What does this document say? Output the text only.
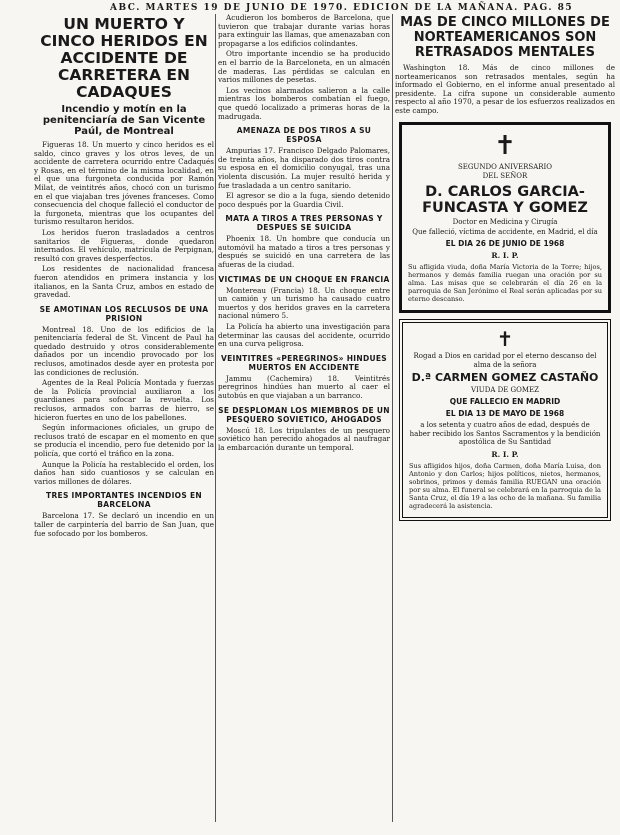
ABC. MARTES 19 DE JUNIO DE 1970. EDICION DE LA MAÑANA. PAG. 85
UN MUERTO Y CINCO HERIDOS EN ACCIDENTE DE CARRETERA EN CADAQUES
Incendio y motín en la penitenciaría de San Vicente Paúl, de Montreal

Figueras 18. Un muerto y cinco heridos es el saldo, cinco graves y los otros leves, de un accidente de carretera ocurrido entre Cadaqués y Rosas, en el término de la misma localidad, en el que una furgoneta conducida por Ramón Milat, de veintitrés años, chocó con un turismo en el que viajaban tres jóvenes franceses. Como consecuencia del choque falleció el conductor de la furgoneta, mientras que los ocupantes del turismo resultaron heridos.

Los heridos fueron trasladados a centros sanitarios de Figueras, donde quedaron internados. El vehículo, matrícula de Perpignan, resultó con graves desperfectos.

Los residentes de nacionalidad francesa fueron atendidos en primera instancia y los italianos, en la Santa Cruz, ambos en estado de gravedad.

SE AMOTINAN LOS RECLUSOS DE UNA PRISION

Montreal 18. Uno de los edificios de la penitenciaría federal de St. Vincent de Paul ha quedado destruido y otros considerablemente dañados por un incendio provocado por los reclusos, amotinados desde ayer en protesta por las condiciones de reclusión.

Agentes de la Real Policía Montada y fuerzas de la Policía provincial auxiliaron a los guardianes para sofocar la revuelta. Los reclusos, armados con barras de hierro, se hicieron fuertes en uno de los pabellones.

Según informaciones oficiales, un grupo de reclusos trató de escapar en el momento en que se producía el incendio, pero fue detenido por la policía, que cortó el tráfico en la zona.

Aunque la Policía ha restablecido el orden, los daños han sido cuantiosos y se calculan en varios millones de dólares.

TRES IMPORTANTES INCENDIOS EN BARCELONA

Barcelona 17. Se declaró un incendio en un taller de carpintería del barrio de San Juan, que fue sofocado por los bomberos.

Acudieron los bomberos de Barcelona, que tuvieron que trabajar durante varias horas para extinguir las llamas, que amenazaban con propagarse a los edificios colindantes.

Otro importante incendio se ha producido en el barrio de la Barceloneta, en un almacén de maderas. Las pérdidas se calculan en varios millones de pesetas.

Los vecinos alarmados salieron a la calle mientras los bomberos combatían el fuego, que quedó localizado a primeras horas de la madrugada.

AMENAZA DE DOS TIROS A SU ESPOSA

Ampurias 17. Francisco Delgado Palomares, de treinta años, ha disparado dos tiros contra su esposa en el domicilio conyugal, tras una violenta discusión. La mujer resultó herida y fue trasladada a un centro sanitario.

El agresor se dio a la fuga, siendo detenido poco después por la Guardia Civil.

MATA A TIROS A TRES PERSONAS Y DESPUES SE SUICIDA

Phoenix 18. Un hombre que conducía un automóvil ha matado a tiros a tres personas y después se suicidó en una carretera de las afueras de la ciudad.

VICTIMAS DE UN CHOQUE EN FRANCIA

Montereau (Francia) 18. Un choque entre un camión y un turismo ha causado cuatro muertos y dos heridos graves en la carretera nacional número 5.

La Policía ha abierto una investigación para determinar las causas del accidente, ocurrido en una curva peligrosa.

VEINTITRES «PEREGRINOS» HINDUES MUERTOS EN ACCIDENTE

Jammu (Cachemira) 18. Veintitrés peregrinos hindúes han muerto al caer el autobús en que viajaban a un barranco.

SE DESPLOMAN LOS MIEMBROS DE UN PESQUERO SOVIETICO, AHOGADOS

Moscú 18. Los tripulantes de un pesquero soviético han perecido ahogados al naufragar la embarcación durante un temporal.

MAS DE CINCO MILLONES DE NORTEAMERICANOS SON RETRASADOS MENTALES

Washington 18. Más de cinco millones de norteamericanos son retrasados mentales, según ha informado el Gobierno, en el informe anual presentado al presidente. La cifra supone un considerable aumento respecto al año 1970, a pesar de los esfuerzos realizados en este campo.

✝
SEGUNDO ANIVERSARIO
DEL SEÑOR
D. CARLOS GARCIA-FUNCASTA Y GOMEZ
Doctor en Medicina y Cirugía
Que falleció, víctima de accidente, en Madrid, el día
EL DIA 26 DE JUNIO DE 1968
R. I. P.
Su afligida viuda, doña María Victoria de la Torre; hijos, hermanos y demás familia ruegan una oración por su alma. Las misas que se celebrarán el día 26 en la parroquia de San Jerónimo el Real serán aplicadas por su eterno descanso.
✝
Rogad a Dios en caridad por el eterno descanso del alma de la señora
D.ª CARMEN GOMEZ CASTAÑO
VIUDA DE GOMEZ
QUE FALLECIO EN MADRID
EL DIA 13 DE MAYO DE 1968
a los setenta y cuatro años de edad, después de haber recibido los Santos Sacramentos y la bendición apostólica de Su Santidad
R. I. P.
Sus afligidos hijos, doña Carmen, doña María Luisa, don Antonio y don Carlos; hijos políticos, nietos, hermanos, sobrinos, primos y demás familia RUEGAN una oración por su alma. El funeral se celebrará en la parroquia de la Santa Cruz, el día 19 a las ocho de la mañana. Su familia agradecerá la asistencia.
